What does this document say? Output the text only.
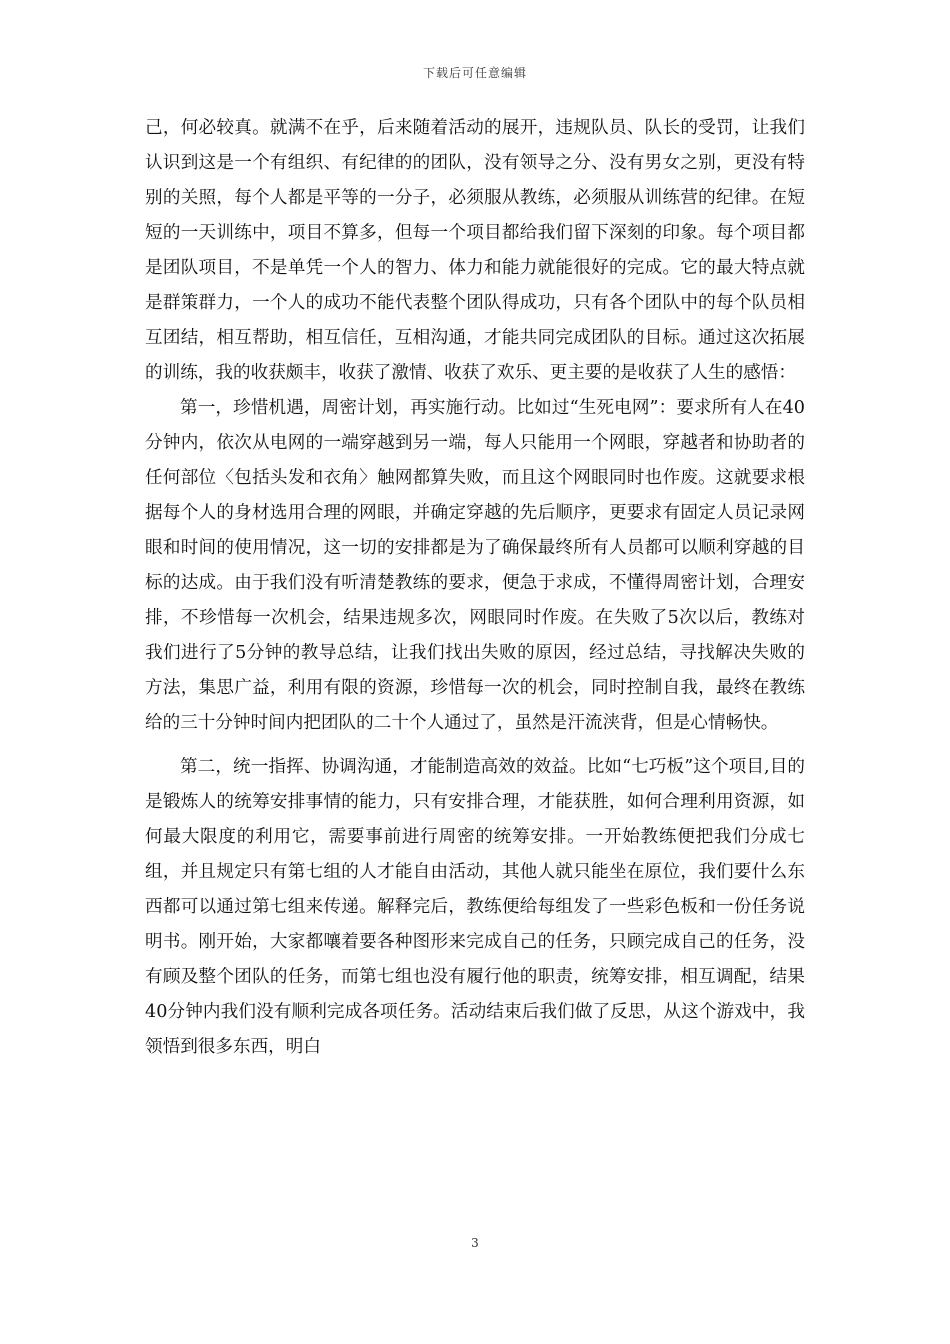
下载后可任意编辑

己，何必较真。就满不在乎，后来随着活动的展开，违规队员、队长的受罚，让我们认识到这是一个有组织、有纪律的的团队，没有领导之分、没有男女之别，更没有特别的关照，每个人都是平等的一分子，必须服从教练，必须服从训练营的纪律。在短短的一天训练中，项目不算多，但每一个项目都给我们留下深刻的印象。每个项目都是团队项目，不是单凭一个人的智力、体力和能力就能很好的完成。它的最大特点就是群策群力，一个人的成功不能代表整个团队得成功，只有各个团队中的每个队员相互团结，相互帮助，相互信任，互相沟通，才能共同完成团队的目标。通过这次拓展的训练，我的收获颇丰，收获了激情、收获了欢乐、更主要的是收获了人生的感悟：

第一，珍惜机遇，周密计划，再实施行动。比如过“生死电网”：要求所有人在40分钟内，依次从电网的一端穿越到另一端，每人只能用一个网眼，穿越者和协助者的任何部位〈包括头发和衣角〉触网都算失败，而且这个网眼同时也作废。这就要求根据每个人的身材选用合理的网眼，并确定穿越的先后顺序，更要求有固定人员记录网眼和时间的使用情况，这一切的安排都是为了确保最终所有人员都可以顺利穿越的目标的达成。由于我们没有听清楚教练的要求，便急于求成，不懂得周密计划，合理安排，不珍惜每一次机会，结果违规多次，网眼同时作废。在失败了5次以后，教练对我们进行了5分钟的教导总结，让我们找出失败的原因，经过总结，寻找解决失败的方法，集思广益，利用有限的资源，珍惜每一次的机会，同时控制自我，最终在教练给的三十分钟时间内把团队的二十个人通过了，虽然是汗流浃背，但是心情畅快。

第二，统一指挥、协调沟通，才能制造高效的效益。比如“七巧板”这个项目,目的是锻炼人的统筹安排事情的能力，只有安排合理，才能获胜，如何合理利用资源，如何最大限度的利用它，需要事前进行周密的统筹安排。一开始教练便把我们分成七组，并且规定只有第七组的人才能自由活动，其他人就只能坐在原位，我们要什么东西都可以通过第七组来传递。解释完后，教练便给每组发了一些彩色板和一份任务说明书。刚开始，大家都嚷着要各种图形来完成自己的任务，只顾完成自己的任务，没有顾及整个团队的任务，而第七组也没有履行他的职责，统筹安排，相互调配，结果40分钟内我们没有顺利完成各项任务。活动结束后我们做了反思，从这个游戏中，我领悟到很多东西，明白

3
